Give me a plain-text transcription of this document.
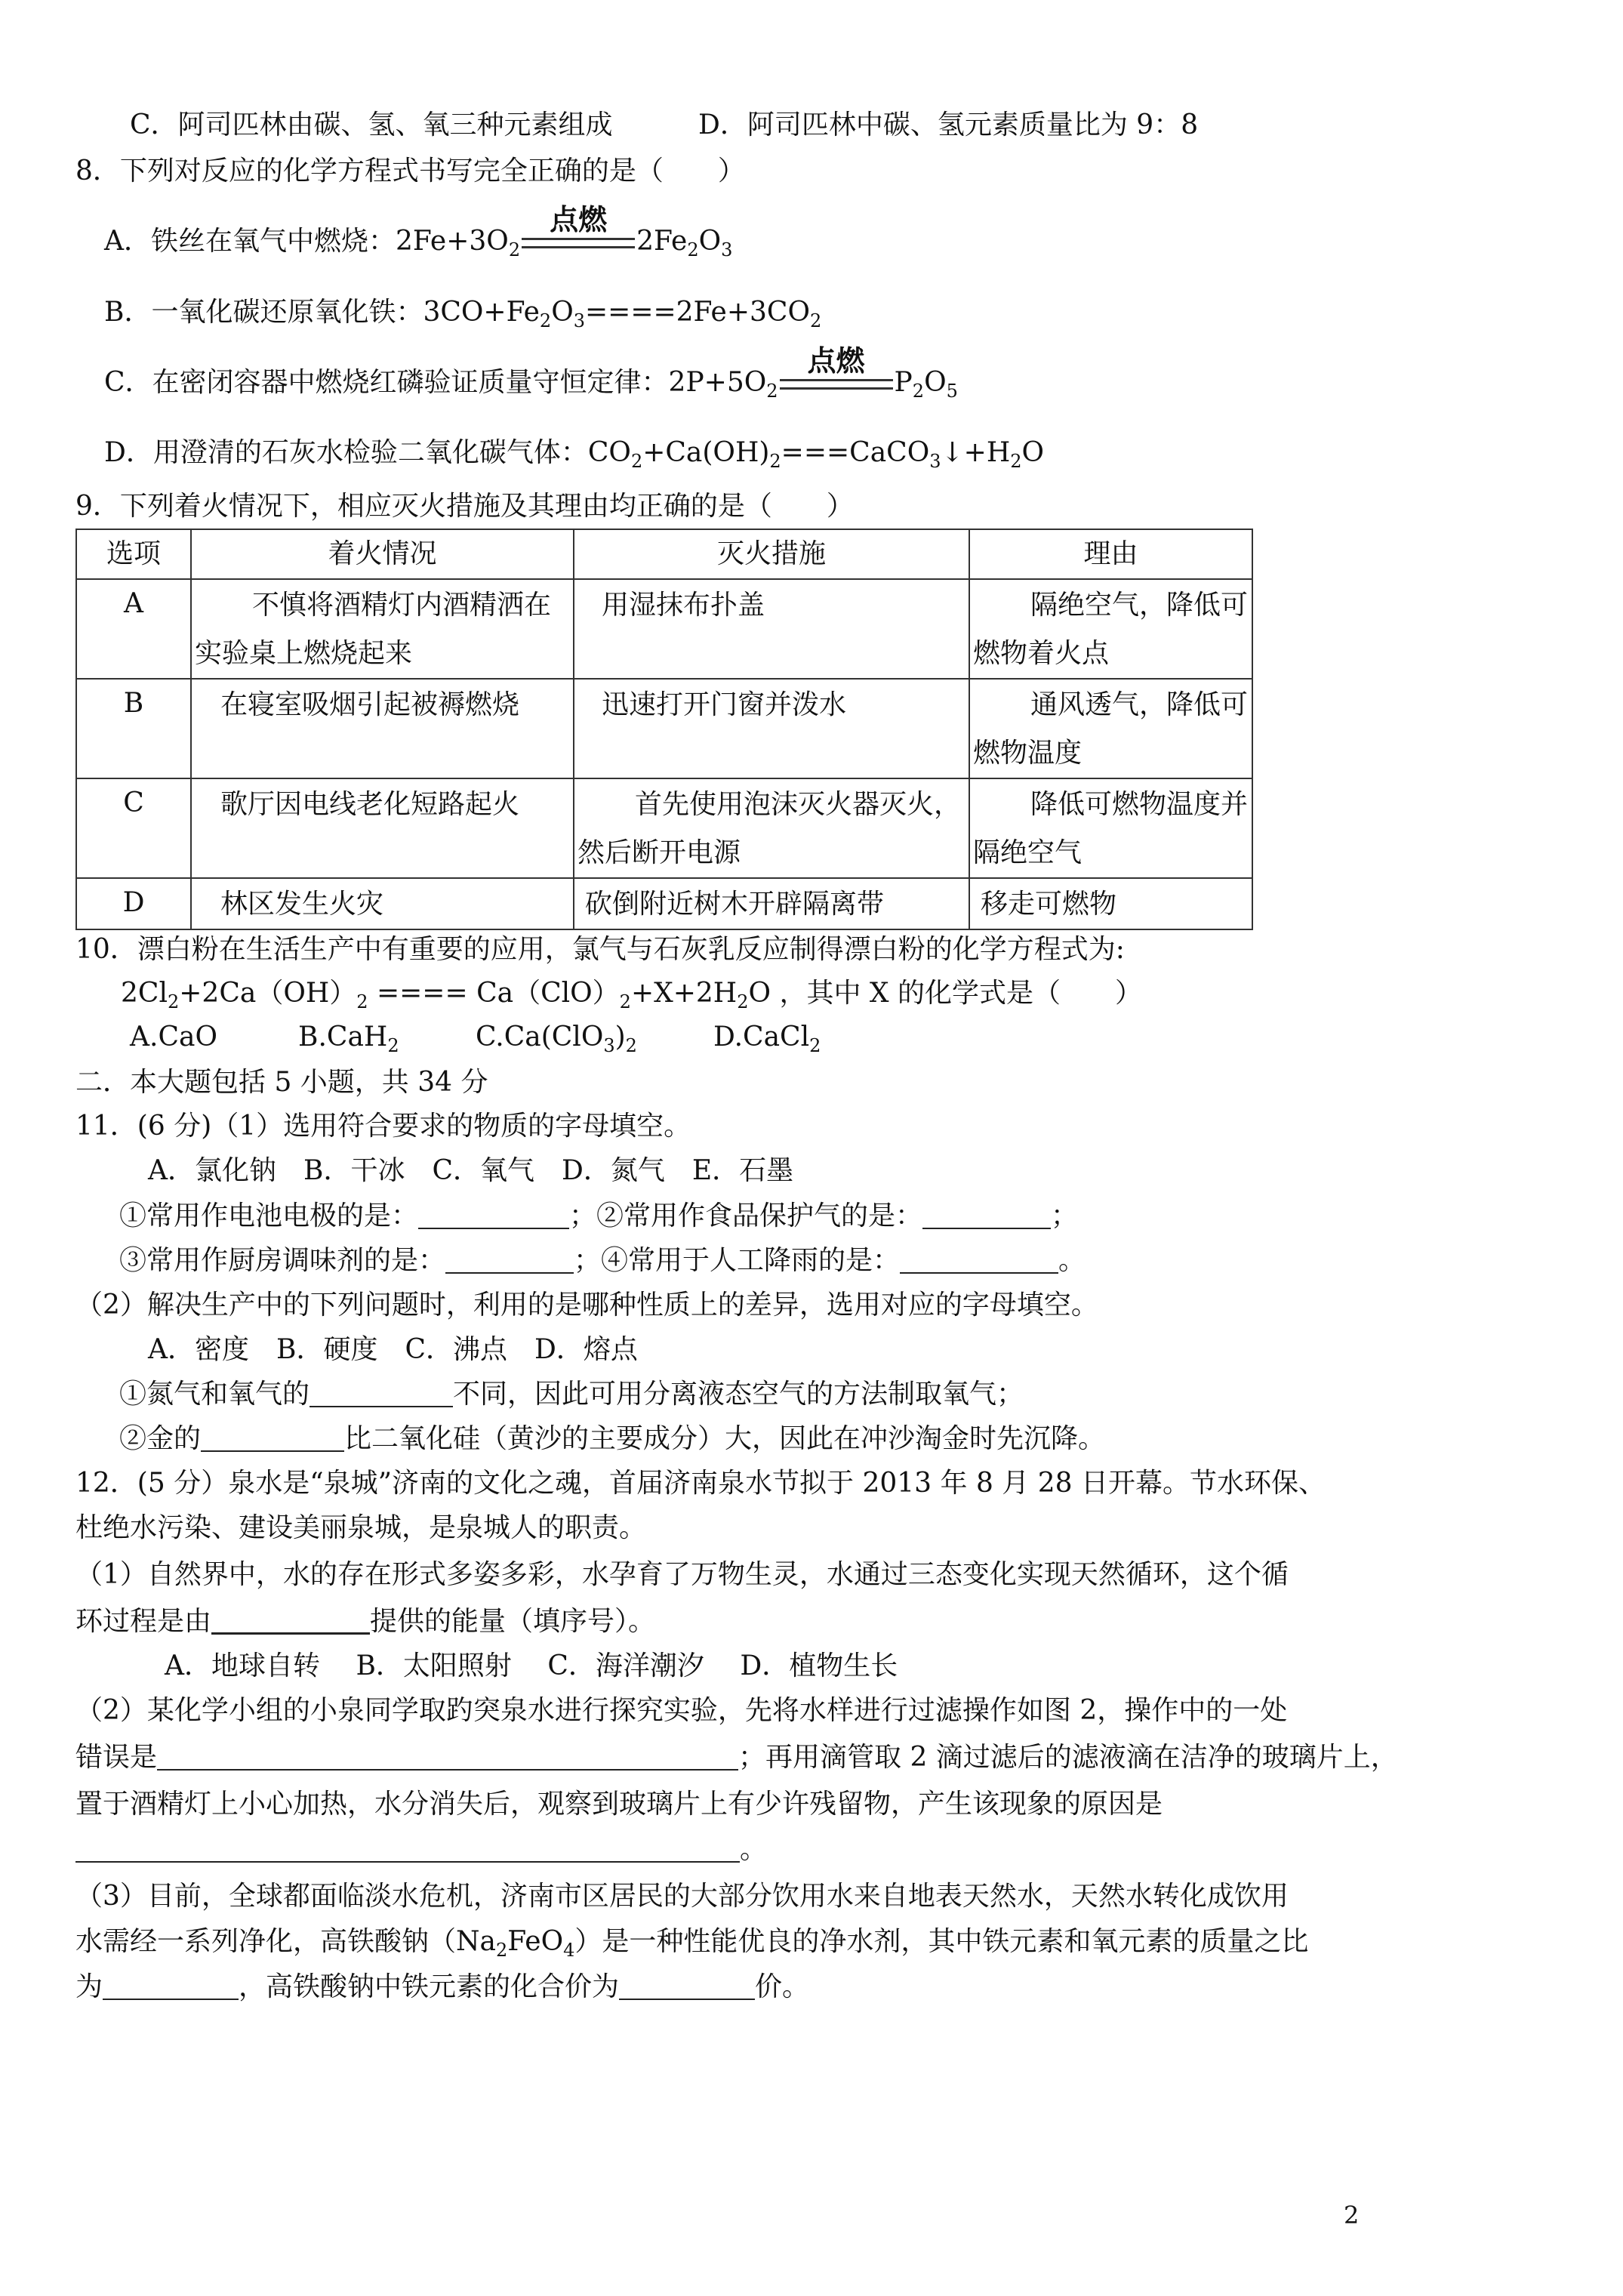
C．阿司匹林由碳、氢、氧三种元素组成	D．阿司匹林中碳、氢元素质量比为 9：8
8．下列对反应的化学方程式书写完全正确的是（　　）
A．铁丝在氧气中燃烧：$2Fe+3O_2$
点燃
$2Fe_2O_3$
B．一氧化碳还原氧化铁：$3CO+Fe_2O_3====2Fe+3CO_2$
C．在密闭容器中燃烧红磷验证质量守恒定律：$2P+5O_2$
点燃
$P_2O_5$
D．用澄清的石灰水检验二氧化碳气体：$CO_2+Ca(OH)_2===CaCO_3↓+H_2O$
9．下列着火情况下，相应灭火措施及其理由均正确的是（　　）
选项	着火情况	灭火措施	理由
A	不慎将酒精灯内酒精洒在实验桌上燃烧起来	用湿抹布扑盖	隔绝空气，降低可燃物着火点

B	在寝室吸烟引起被褥燃烧	迅速打开门窗并泼水	通风透气，降低可燃物温度

C	歌厅因电线老化短路起火	首先使用泡沫灭火器灭火，然后断开电源	降低可燃物温度并隔绝空气

D	林区发生火灾	砍倒附近树木开辟隔离带	移走可燃物
10．漂白粉在生活生产中有重要的应用，氯气与石灰乳反应制得漂白粉的化学方程式为:
$2Cl_2+2Ca(OH)_2$ ==== $Ca(ClO)_2+X+2H_2O$ ，其中 X 的化学式是（　　）
A.CaO	B.CaH$_2$	$C.Ca(ClO_3)_2$	D.CaCl$_2$
二．本大题包括 5 小题，共 34 分
11．(6 分)（1）选用符合要求的物质的字母填空。
A．氯化钠　B．干冰　C．氧气　D．氮气　E．石墨
①常用作电池电极的是：	；②常用作食品保护气的是：	；
③常用作厨房调味剂的是：	；④常用于人工降雨的是：	。
（2）解决生产中的下列问题时，利用的是哪种性质上的差异，选用对应的字母填空。
A．密度　B．硬度　C．沸点　D．熔点
①氮气和氧气的	不同，因此可用分离液态空气的方法制取氧气；
②金的	比二氧化硅（黄沙的主要成分）大，因此在冲沙淘金时先沉降。
12．(5 分）泉水是“泉城”济南的文化之魂，首届济南泉水节拟于 2013 年 8 月 28 日开幕。节水环保、
杜绝水污染、建设美丽泉城，是泉城人的职责。
（1）自然界中，水的存在形式多姿多彩，水孕育了万物生灵，水通过三态变化实现天然循环，这个循
环过程是由	提供的能量（填序号）。
A．地球自转　 B．太阳照射　 C．海洋潮汐　 D．植物生长
（2）某化学小组的小泉同学取趵突泉水进行探究实验，先将水样进行过滤操作如图 2，操作中的一处
错误是	；再用滴管取 2 滴过滤后的滤液滴在洁净的玻璃片上，
置于酒精灯上小心加热，水分消失后，观察到玻璃片上有少许残留物，产生该现象的原因是
。
（3）目前，全球都面临淡水危机，济南市区居民的大部分饮用水来自地表天然水，天然水转化成饮用
水需经一系列净化，高铁酸钠$(Na_2FeO_4)$是一种性能优良的净水剂，其中铁元素和氧元素的质量之比
为	，高铁酸钠中铁元素的化合价为	价。
2
